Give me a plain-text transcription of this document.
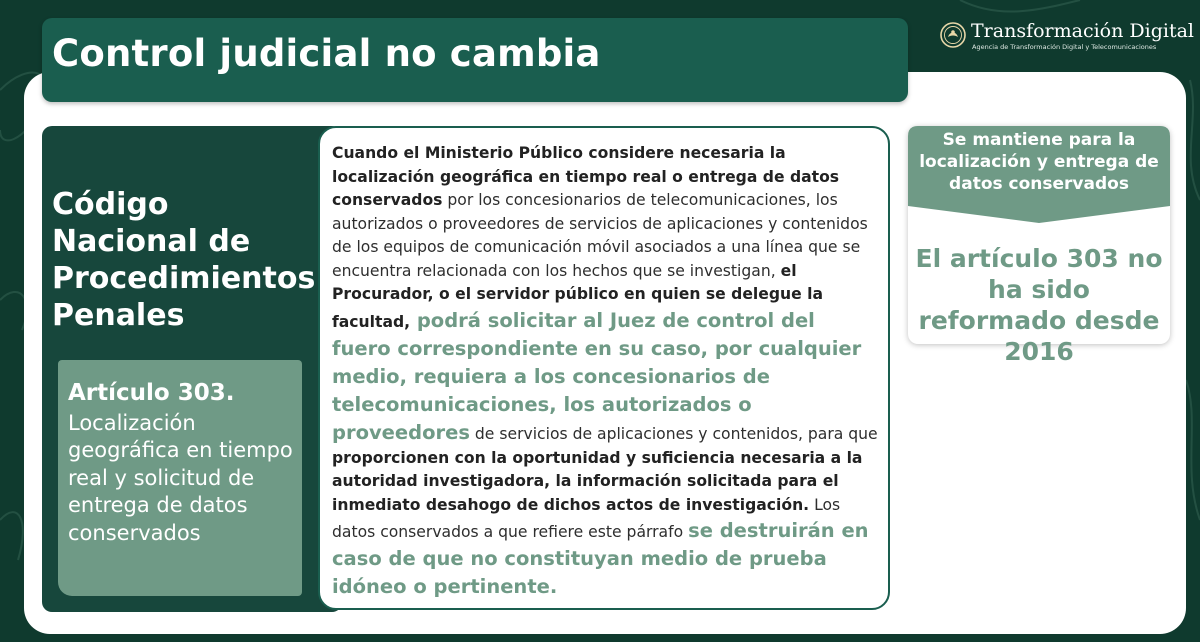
Control judicial no cambia
Transformación Digital
Agencia de Transformación Digital y Telecomunicaciones
Código Nacional de Procedimientos Penales

Artículo 303.

Localización geográfica en tiempo real y solicitud de entrega de datos conservados

Cuando el Ministerio Público considere necesaria la localización geográfica en tiempo real o entrega de datos conservados por los concesionarios de telecomunicaciones, los autorizados o proveedores de servicios de aplicaciones y contenidos de los equipos de comunicación móvil asociados a una línea que se encuentra relacionada con los hechos que se investigan, el Procurador, o el servidor público en quien se delegue la facultad, podrá solicitar al Juez de control del fuero correspondiente en su caso, por cualquier medio, requiera a los concesionarios de telecomunicaciones, los autorizados o proveedores de servicios de aplicaciones y contenidos, para que proporcionen con la oportunidad y suficiencia necesaria a la autoridad investigadora, la información solicitada para el inmediato desahogo de dichos actos de investigación. Los datos conservados a que refiere este párrafo se destruirán en caso de que no constituyan medio de prueba idóneo o pertinente.

Se mantiene para la localización y entrega de datos conservados

El artículo 303 no ha sido reformado desde 2016
